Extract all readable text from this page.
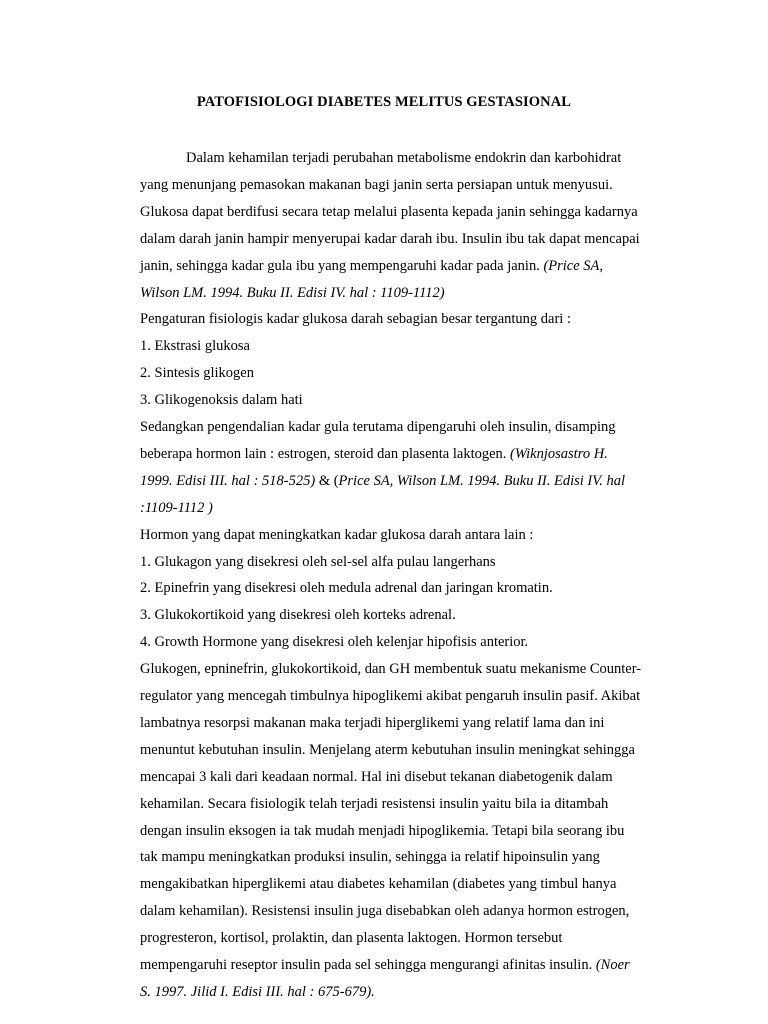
PATOFISIOLOGI DIABETES MELITUS GESTASIONAL
Dalam kehamilan terjadi perubahan metabolisme endokrin dan karbohidrat
yang menunjang pemasokan makanan bagi janin serta persiapan untuk menyusui.
Glukosa dapat berdifusi secara tetap melalui plasenta kepada janin sehingga kadarnya
dalam darah janin hampir menyerupai kadar darah ibu. Insulin ibu tak dapat mencapai
janin, sehingga kadar gula ibu yang mempengaruhi kadar pada janin. (Price SA,
Wilson LM. 1994. Buku II. Edisi IV. hal : 1109-1112)
Pengaturan fisiologis kadar glukosa darah sebagian besar tergantung dari :
1. Ekstrasi glukosa
2. Sintesis glikogen
3. Glikogenoksis dalam hati
Sedangkan pengendalian kadar gula terutama dipengaruhi oleh insulin, disamping
beberapa hormon lain : estrogen, steroid dan plasenta laktogen. (Wiknjosastro H.
1999. Edisi III. hal : 518-525) & (Price SA, Wilson LM. 1994. Buku II. Edisi IV. hal
:1109-1112 )
Hormon yang dapat meningkatkan kadar glukosa darah antara lain :
1. Glukagon yang disekresi oleh sel-sel alfa pulau langerhans
2. Epinefrin yang disekresi oleh medula adrenal dan jaringan kromatin.
3. Glukokortikoid yang disekresi oleh korteks adrenal.
4. Growth Hormone yang disekresi oleh kelenjar hipofisis anterior.
Glukogen, epninefrin, glukokortikoid, dan GH membentuk suatu mekanisme Counter-
regulator yang mencegah timbulnya hipoglikemi akibat pengaruh insulin pasif. Akibat
lambatnya resorpsi makanan maka terjadi hiperglikemi yang relatif lama dan ini
menuntut kebutuhan insulin. Menjelang aterm kebutuhan insulin meningkat sehingga
mencapai 3 kali dari keadaan normal. Hal ini disebut tekanan diabetogenik dalam
kehamilan. Secara fisiologik telah terjadi resistensi insulin yaitu bila ia ditambah
dengan insulin eksogen ia tak mudah menjadi hipoglikemia. Tetapi bila seorang ibu
tak mampu meningkatkan produksi insulin, sehingga ia relatif hipoinsulin yang
mengakibatkan hiperglikemi atau diabetes kehamilan (diabetes yang timbul hanya
dalam kehamilan). Resistensi insulin juga disebabkan oleh adanya hormon estrogen,
progresteron, kortisol, prolaktin, dan plasenta laktogen. Hormon tersebut
mempengaruhi reseptor insulin pada sel sehingga mengurangi afinitas insulin. (Noer
S. 1997. Jilid I. Edisi III. hal : 675-679).
